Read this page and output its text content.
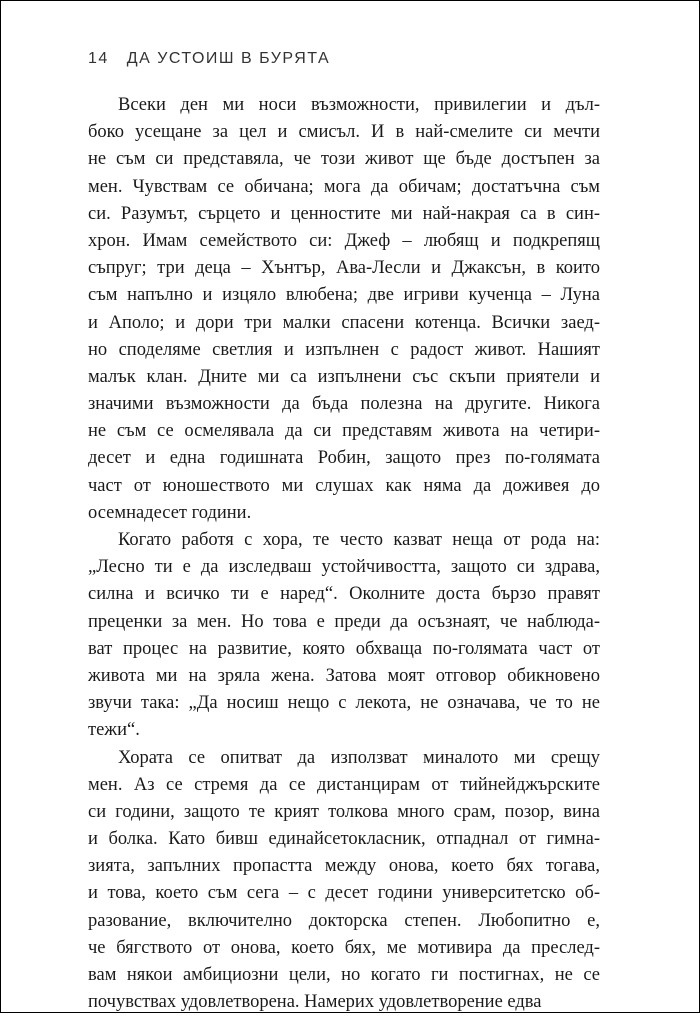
14 ДА УСТОИШ В БУРЯТА
Всеки ден ми носи възможности, привилегии и дъл-
боко усещане за цел и смисъл. И в най-смелите си мечти
не съм си представяла, че този живот ще бъде достъпен за
мен. Чувствам се обичана; мога да обичам; достатъчна съм
си. Разумът, сърцето и ценностите ми най-накрая са в син-
хрон. Имам семейството си: Джеф – любящ и подкрепящ
съпруг; три деца – Хънтър, Ава-Лесли и Джаксън, в които
съм напълно и изцяло влюбена; две игриви кученца – Луна
и Аполо; и дори три малки спасени котенца. Всички заед-
но споделяме светлия и изпълнен с радост живот. Нашият
малък клан. Дните ми са изпълнени със скъпи приятели и
значими възможности да бъда полезна на другите. Никога
не съм се осмелявала да си представям живота на четири-
десет и една годишната Робин, защото през по-голямата
част от юношеството ми слушах как няма да доживея до
осемнадесет години.
Когато работя с хора, те често казват неща от рода на:
„Лесно ти е да изследваш устойчивостта, защото си здрава,
силна и всичко ти е наред“. Околните доста бързо правят
преценки за мен. Но това е преди да осъзнаят, че наблюда-
ват процес на развитие, която обхваща по-голямата част от
живота ми на зряла жена. Затова моят отговор обикновено
звучи така: „Да носиш нещо с лекота, не означава, че то не
тежи“.
Хората се опитват да използват миналото ми срещу
мен. Аз се стремя да се дистанцирам от тийнейджърските
си години, защото те крият толкова много срам, позор, вина
и болка. Като бивш единайсетокласник, отпаднал от гимна-
зията, запълних пропастта между онова, което бях тогава,
и това, което съм сега – с десет години университетско об-
разование, включително докторска степен. Любопитно е,
че бягството от онова, което бях, ме мотивира да преслед-
вам някои амбициозни цели, но когато ги постигнах, не се
почувствах удовлетворена. Намерих удовлетворение едва
